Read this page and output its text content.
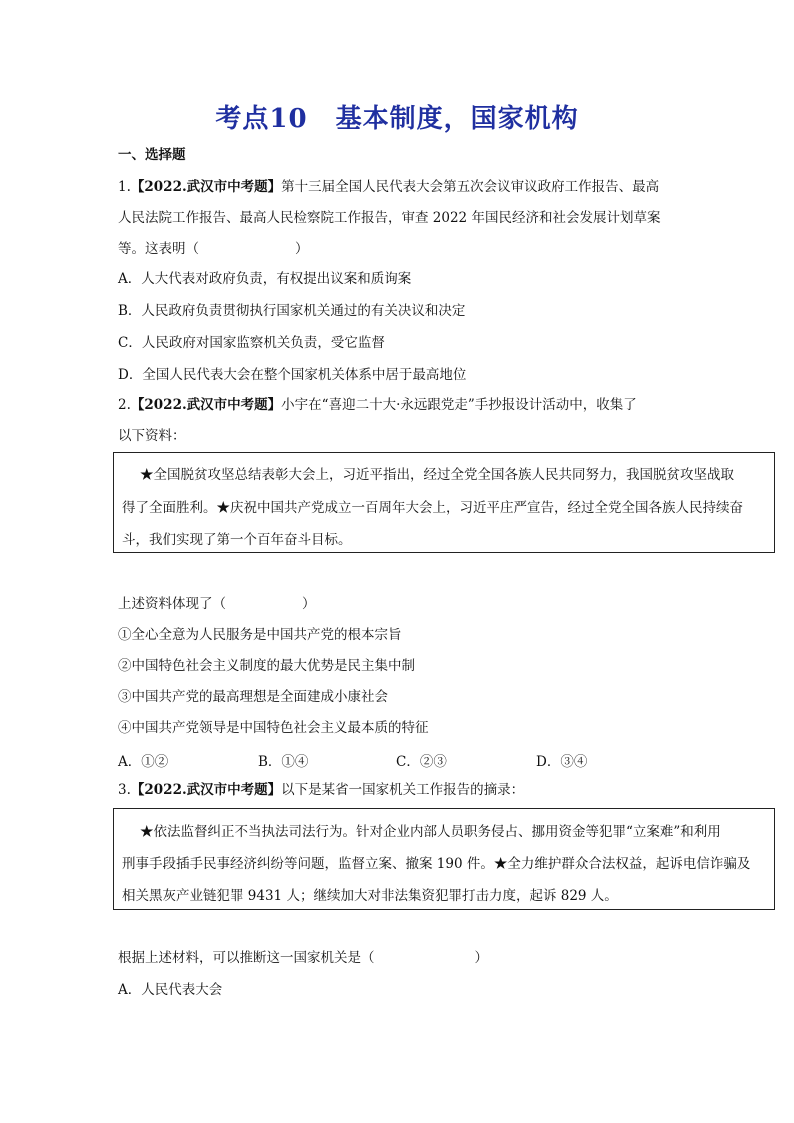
考点10 基本制度，国家机构
一、选择题
1.【2022.武汉市中考题】第十三届全国人民代表大会第五次会议审议政府工作报告、最高
人民法院工作报告、最高人民检察院工作报告，审查 2022 年国民经济和社会发展计划草案
等。这表明（	）
A．人大代表对政府负责，有权提出议案和质询案
B．人民政府负责贯彻执行国家机关通过的有关决议和决定
C．人民政府对国家监察机关负责，受它监督
D．全国人民代表大会在整个国家机关体系中居于最高地位
2.【2022.武汉市中考题】小宇在“喜迎二十大·永远跟党走”手抄报设计活动中，收集了
以下资料：
★全国脱贫攻坚总结表彰大会上，习近平指出，经过全党全国各族人民共同努力，我国脱贫攻坚战取
得了全面胜利。★庆祝中国共产党成立一百周年大会上，习近平庄严宣告，经过全党全国各族人民持续奋
斗，我们实现了第一个百年奋斗目标。
上述资料体现了（	）
①全心全意为人民服务是中国共产党的根本宗旨
②中国特色社会主义制度的最大优势是民主集中制
③中国共产党的最高理想是全面建成小康社会
④中国共产党领导是中国特色社会主义最本质的特征
A．①②	B．①④	C．②③	D．③④
3.【2022.武汉市中考题】以下是某省一国家机关工作报告的摘录：
★依法监督纠正不当执法司法行为。针对企业内部人员职务侵占、挪用资金等犯罪“立案难”和利用
刑事手段插手民事经济纠纷等问题，监督立案、撤案 190 件。★全力维护群众合法权益，起诉电信诈骗及
相关黑灰产业链犯罪 9431 人；继续加大对非法集资犯罪打击力度，起诉 829 人。
根据上述材料，可以推断这一国家机关是（	）
A．人民代表大会
